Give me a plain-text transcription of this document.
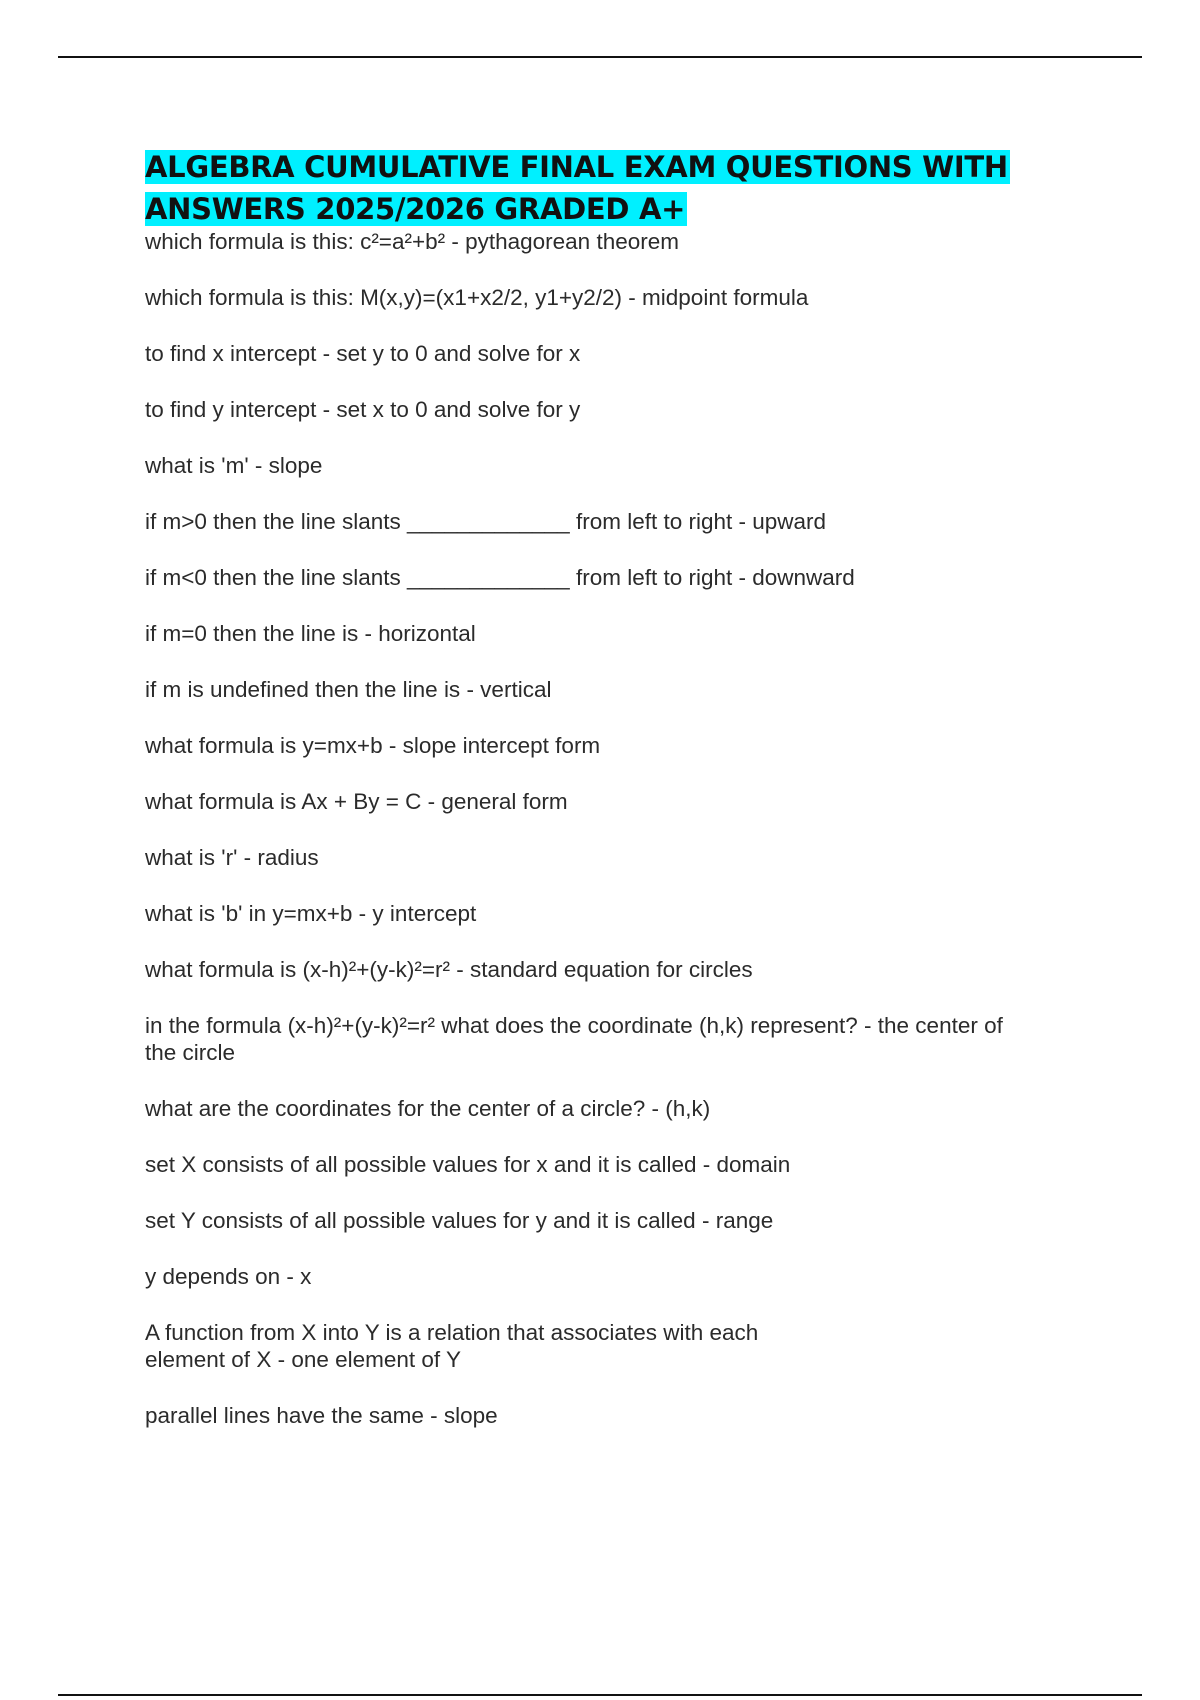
ALGEBRA CUMULATIVE FINAL EXAM QUESTIONS WITH
ANSWERS 2025/2026 GRADED A+
which formula is this: c²=a²+b² - pythagorean theorem
which formula is this: M(x,y)=(x1+x2/2, y1+y2/2) - midpoint formula
to find x intercept - set y to 0 and solve for x
to find y intercept - set x to 0 and solve for y
what is 'm' - slope
if m>0 then the line slants _____________ from left to right - upward
if m<0 then the line slants _____________ from left to right - downward
if m=0 then the line is - horizontal
if m is undefined then the line is - vertical
what formula is y=mx+b - slope intercept form
what formula is Ax + By = C - general form
what is 'r' - radius
what is 'b' in y=mx+b - y intercept
what formula is (x-h)²+(y-k)²=r² - standard equation for circles
in the formula (x-h)²+(y-k)²=r² what does the coordinate (h,k) represent? - the center of
the circle
what are the coordinates for the center of a circle? - (h,k)
set X consists of all possible values for x and it is called - domain
set Y consists of all possible values for y and it is called - range
y depends on - x
A function from X into Y is a relation that associates with each
element of X - one element of Y
parallel lines have the same - slope
